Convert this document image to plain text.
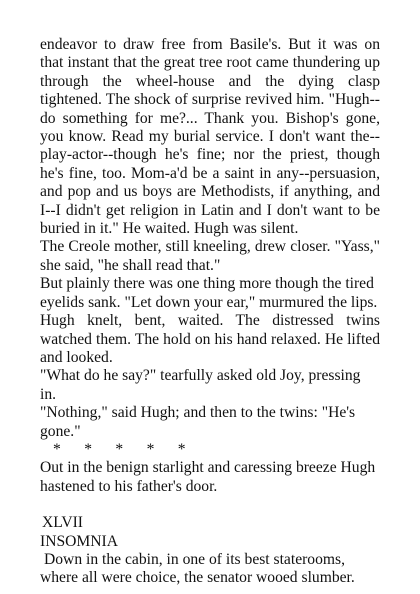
endeavor to draw free from Basile's. But it was on that instant that the great tree root came thundering up through the wheel-house and the dying clasp tightened. The shock of surprise revived him. "Hugh--do something for me?... Thank you. Bishop's gone, you know. Read my burial service. I don't want the--play-actor--though he's fine; nor the priest, though he's fine, too. Mom-a'd be a saint in any--persuasion, and pop and us boys are Methodists, if anything, and I--I didn't get religion in Latin and I don't want to be buried in it." He waited. Hugh was silent.

The Creole mother, still kneeling, drew closer. "Yass," she said, "he shall read that."

But plainly there was one thing more though the tired eyelids sank. "Let down your ear," murmured the lips.

Hugh knelt, bent, waited. The distressed twins watched them. The hold on his hand relaxed. He lifted and looked.

"What do he say?" tearfully asked old Joy, pressing in.

"Nothing," said Hugh; and then to the twins: "He's gone."

*      *      *      *      *

Out in the benign starlight and caressing breeze Hugh hastened to his father's door.

XLVII

INSOMNIA

Down in the cabin, in one of its best staterooms, where all were choice, the senator wooed slumber.
